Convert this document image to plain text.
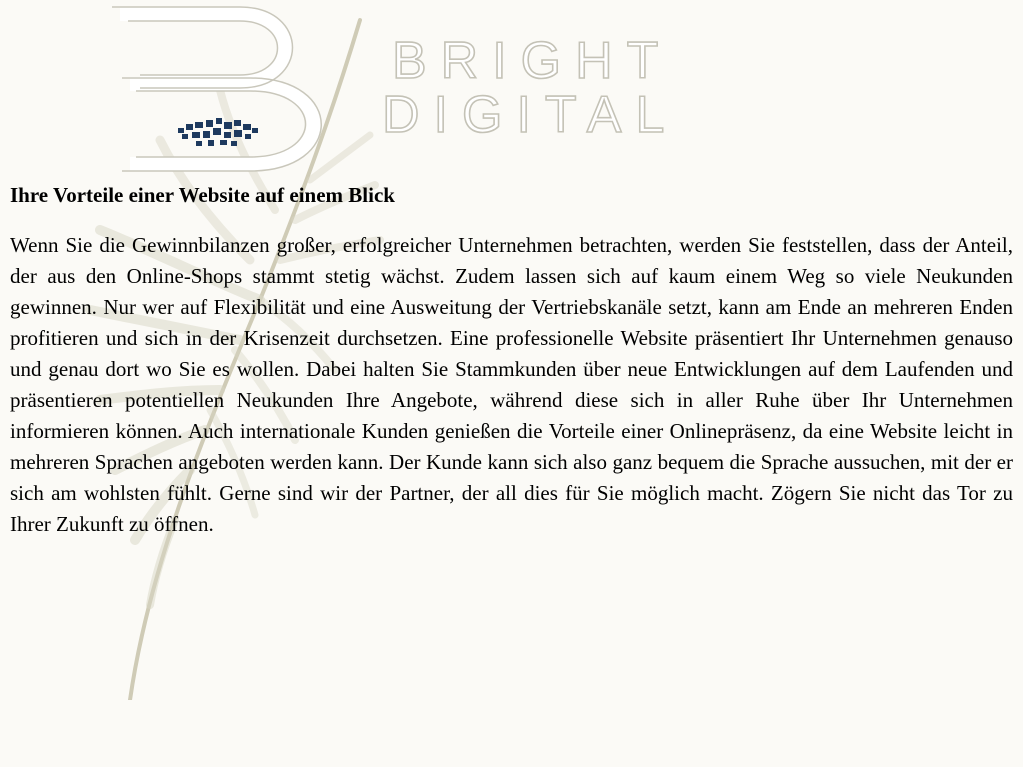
BRIGHT
DIGITAL
Ihre Vorteile einer Website auf einem Blick

Wenn Sie die Gewinnbilanzen großer, erfolgreicher Unternehmen betrachten, werden Sie feststellen, dass der Anteil, der aus den Online-Shops stammt stetig wächst. Zudem lassen sich auf kaum einem Weg so viele Neukunden gewinnen. Nur wer auf Flexibilität und eine Ausweitung der Vertriebskanäle setzt, kann am Ende an mehreren Enden profitieren und sich in der Krisenzeit durchsetzen. Eine professionelle Website präsentiert Ihr Unternehmen genauso und genau dort wo Sie es wollen. Dabei halten Sie Stammkunden über neue Entwicklungen auf dem Laufenden und präsentieren potentiellen Neukunden Ihre Angebote, während diese sich in aller Ruhe über Ihr Unternehmen informieren können. Auch internationale Kunden genießen die Vorteile einer Onlinepräsenz, da eine Website leicht in mehreren Sprachen angeboten werden kann. Der Kunde kann sich also ganz bequem die Sprache aussuchen, mit der er sich am wohlsten fühlt. Gerne sind wir der Partner, der all dies für Sie möglich macht. Zögern Sie nicht das Tor zu Ihrer Zukunft zu öffnen.
